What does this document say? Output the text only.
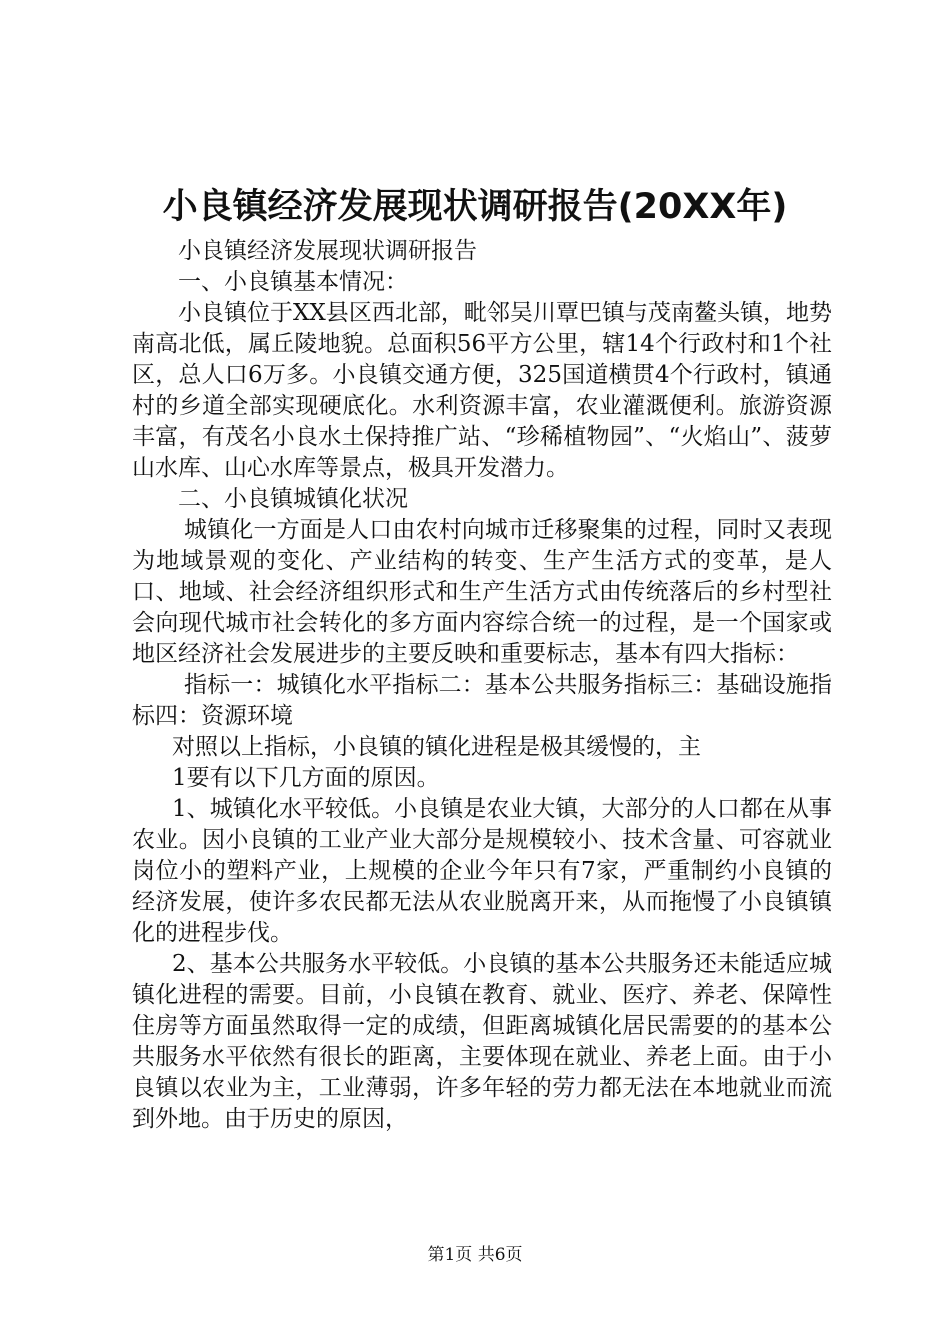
小良镇经济发展现状调研报告(20XX年)

小良镇经济发展现状调研报告

一、小良镇基本情况：

小良镇位于XX县区西北部，毗邻吴川覃巴镇与茂南鳌头镇，地势南高北低，属丘陵地貌。总面积56平方公里，辖14个行政村和1个社区，总人口6万多。小良镇交通方便，325国道横贯4个行政村，镇通村的乡道全部实现硬底化。水利资源丰富，农业灌溉便利。旅游资源丰富，有茂名小良水土保持推广站、“珍稀植物园”、“火焰山”、菠萝山水库、山心水库等景点，极具开发潜力。

二、小良镇城镇化状况

城镇化一方面是人口由农村向城市迁移聚集的过程，同时又表现为地域景观的变化、产业结构的转变、生产生活方式的变革，是人口、地域、社会经济组织形式和生产生活方式由传统落后的乡村型社会向现代城市社会转化的多方面内容综合统一的过程，是一个国家或地区经济社会发展进步的主要反映和重要标志，基本有四大指标：

指标一：城镇化水平指标二：基本公共服务指标三：基础设施指标四：资源环境

对照以上指标，小良镇的镇化进程是极其缓慢的，主

1要有以下几方面的原因。

1、城镇化水平较低。小良镇是农业大镇，大部分的人口都在从事农业。因小良镇的工业产业大部分是规模较小、技术含量、可容就业岗位小的塑料产业，上规模的企业今年只有7家，严重制约小良镇的经济发展，使许多农民都无法从农业脱离开来，从而拖慢了小良镇镇化的进程步伐。

2、基本公共服务水平较低。小良镇的基本公共服务还未能适应城镇化进程的需要。目前，小良镇在教育、就业、医疗、养老、保障性住房等方面虽然取得一定的成绩，但距离城镇化居民需要的的基本公共服务水平依然有很长的距离，主要体现在就业、养老上面。由于小良镇以农业为主，工业薄弱，许多年轻的劳力都无法在本地就业而流到外地。由于历史的原因，

第1页 共6页
